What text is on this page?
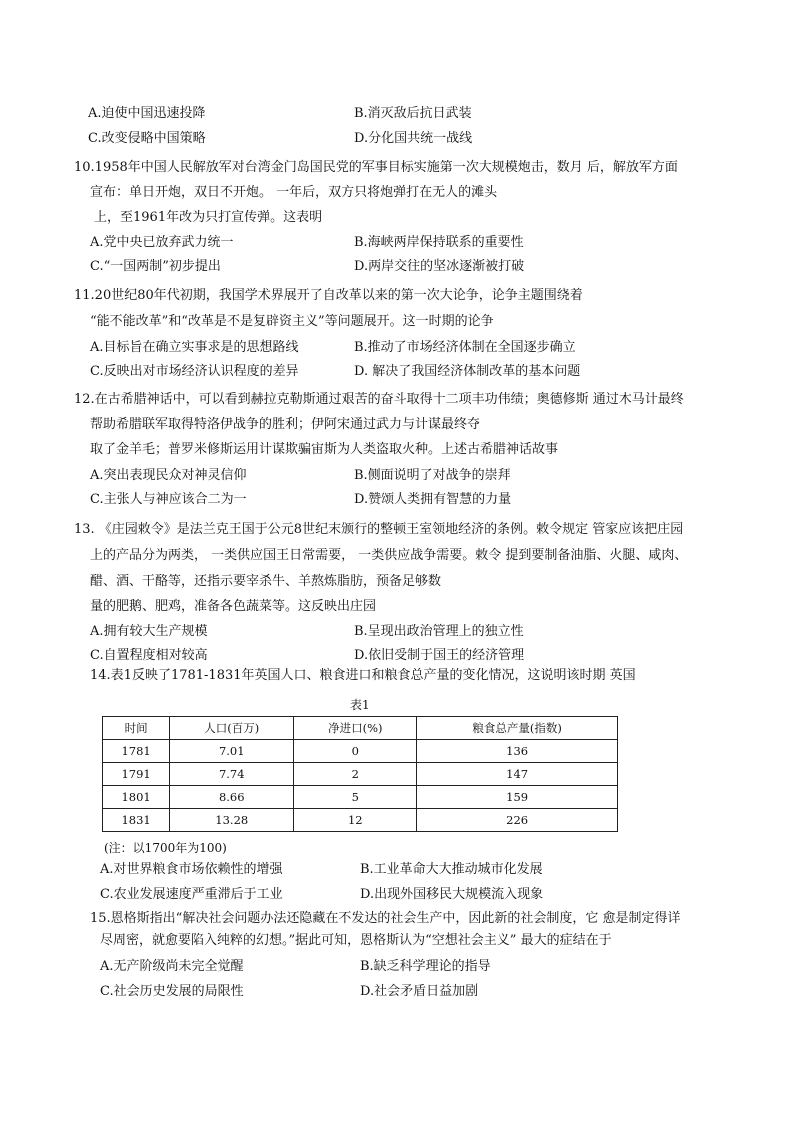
A.迫使中国迅速投降	B.消灭敌后抗日武装
C.改变侵略中国策略	D.分化国共统一战线
10.1958年中国人民解放军对台湾金门岛国民党的军事目标实施第一次大规模炮击，数月 后，解放军方面
宣布：单日开炮，双日不开炮。 一年后，双方只将炮弹打在无人的滩头
上，至1961年改为只打宣传弹。这表明
A.党中央已放弃武力统一	B.海峡两岸保持联系的重要性
C.“一国两制”初步提出	D.两岸交往的坚冰逐渐被打破
11.20世纪80年代初期，我国学术界展开了自改革以来的第一次大论争，论争主题围绕着
“能不能改革”和“改革是不是复辟资主义”等问题展开。这一时期的论争
A.目标旨在确立实事求是的思想路线	B.推动了市场经济体制在全国逐步确立
C.反映出对市场经济认识程度的差异	D. 解决了我国经济体制改革的基本问题
12.在古希腊神话中，可以看到赫拉克勒斯通过艰苦的奋斗取得十二项丰功伟绩；奥德修斯 通过木马计最终
帮助希腊联军取得特洛伊战争的胜利；伊阿宋通过武力与计谋最终夺
取了金羊毛；普罗米修斯运用计谋欺骗宙斯为人类盗取火种。上述古希腊神话故事
A.突出表现民众对神灵信仰	B.侧面说明了对战争的崇拜
C.主张人与神应该合二为一	D.赞颂人类拥有智慧的力量
13. 《庄园敕令》是法兰克王国于公元8世纪末颁行的整顿王室领地经济的条例。敕令规定 管家应该把庄园
上的产品分为两类， 一类供应国王日常需要， 一类供应战争需要。敕令 提到要制备油脂、火腿、咸肉、
醋、酒、干酪等，还指示要宰杀牛、羊熬炼脂肪，预备足够数
量的肥鹅、肥鸡，准备各色蔬菜等。这反映出庄园
A.拥有较大生产规模	B.呈现出政治管理上的独立性
C.自置程度相对较高	D.依旧受制于国王的经济管理
14.表1反映了1781-1831年英国人口、粮食进口和粮食总产量的变化情况，这说明该时期 英国
表1
时间	人口(百万)	净进口(%)	粮食总产量(指数)
1781	7.01	0	136
1791	7.74	2	147
1801	8.66	5	159
1831	13.28	12	226
(注：以1700年为100)
A.对世界粮食市场依赖性的增强	B.工业革命大大推动城市化发展
C.农业发展速度严重滞后于工业	D.出现外国移民大规模流入现象
15.恩格斯指出“解决社会问题办法还隐藏在不发达的社会生产中，因此新的社会制度，它 愈是制定得详
尽周密，就愈要陷入纯粹的幻想。”据此可知，恩格斯认为“空想社会主义” 最大的症结在于
A.无产阶级尚未完全觉醒	B.缺乏科学理论的指导
C.社会历史发展的局限性	D.社会矛盾日益加剧
